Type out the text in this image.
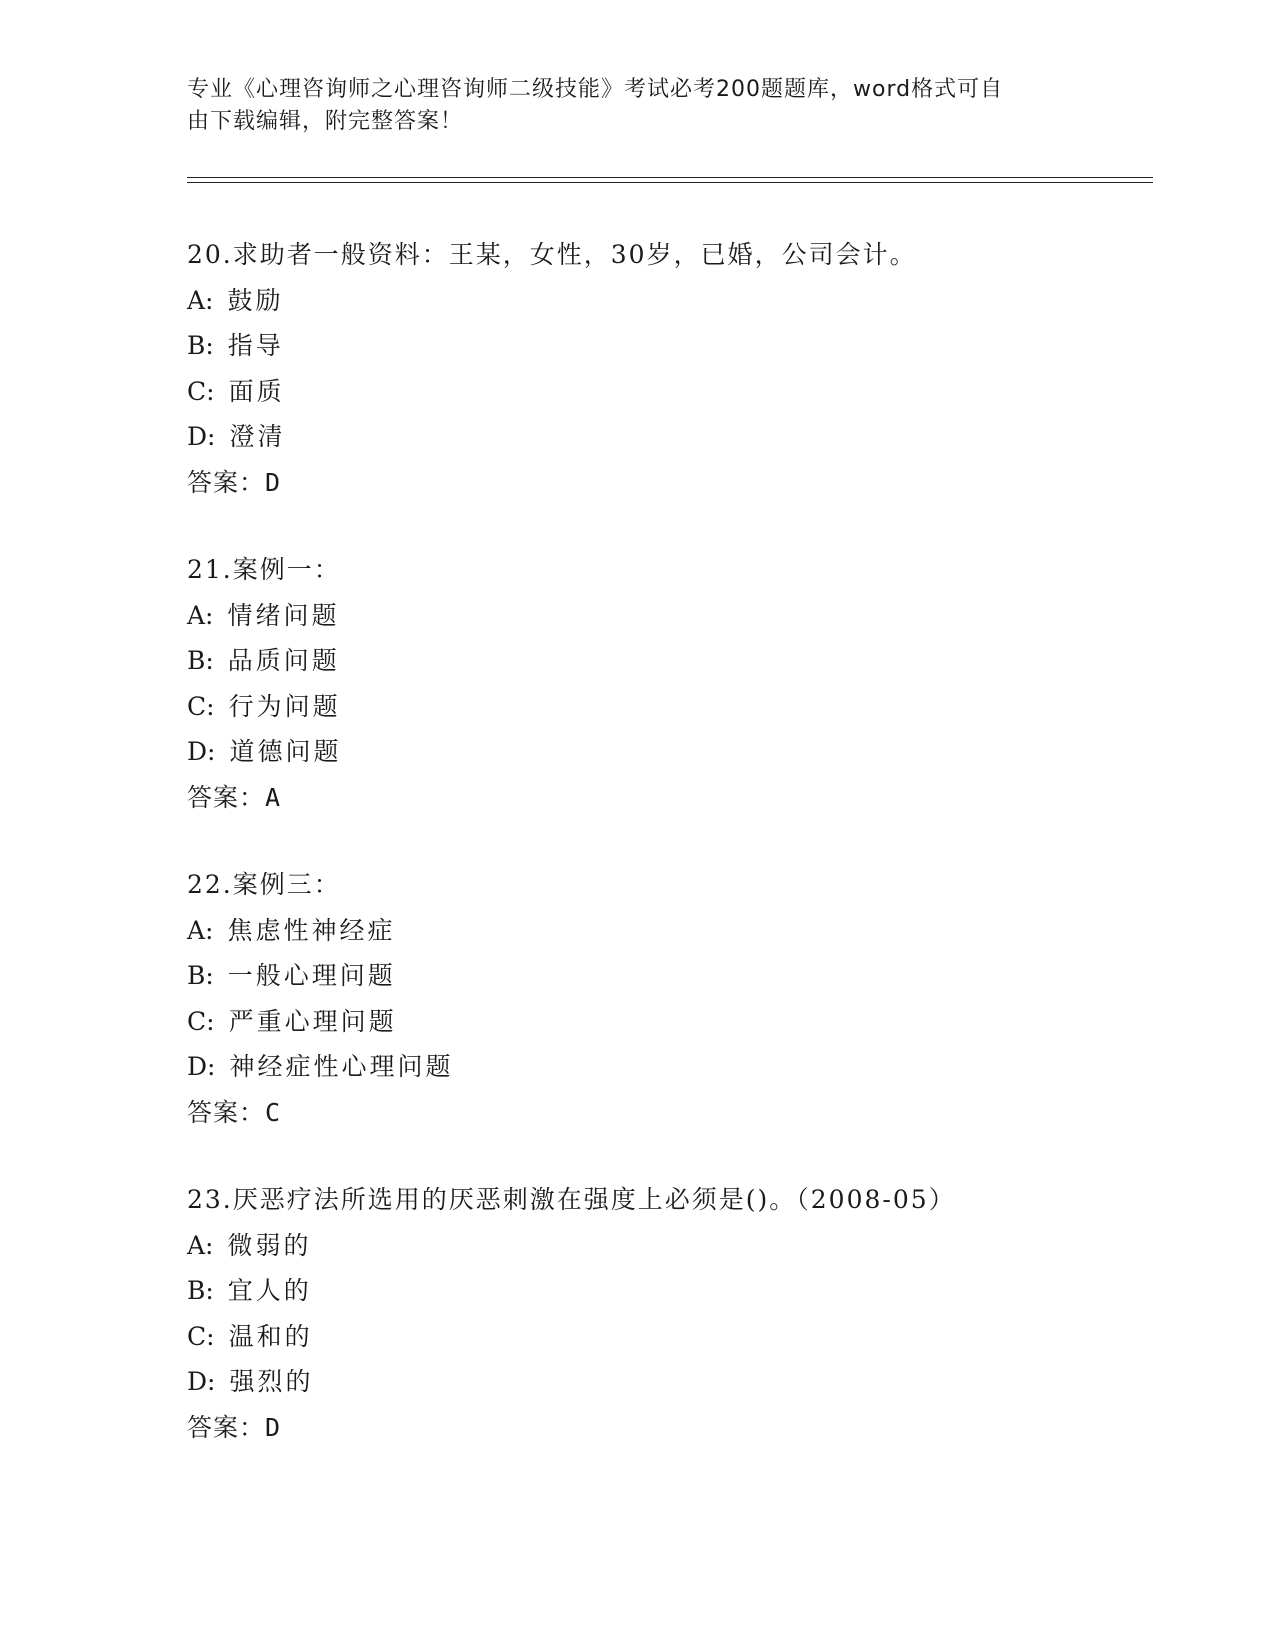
专业《心理咨询师之心理咨询师二级技能》考试必考200题题库，word格式可自
由下载编辑，附完整答案！
20.求助者一般资料：王某，女性，30岁，已婚，公司会计。
A: 鼓励
B: 指导
C: 面质
D: 澄清
答案：D
21.案例一：
A: 情绪问题
B: 品质问题
C: 行为问题
D: 道德问题
答案：A
22.案例三：
A: 焦虑性神经症
B: 一般心理问题
C: 严重心理问题
D: 神经症性心理问题
答案：C
23.厌恶疗法所选用的厌恶刺激在强度上必须是()。（2008-05）
A: 微弱的
B: 宜人的
C: 温和的
D: 强烈的
答案：D
